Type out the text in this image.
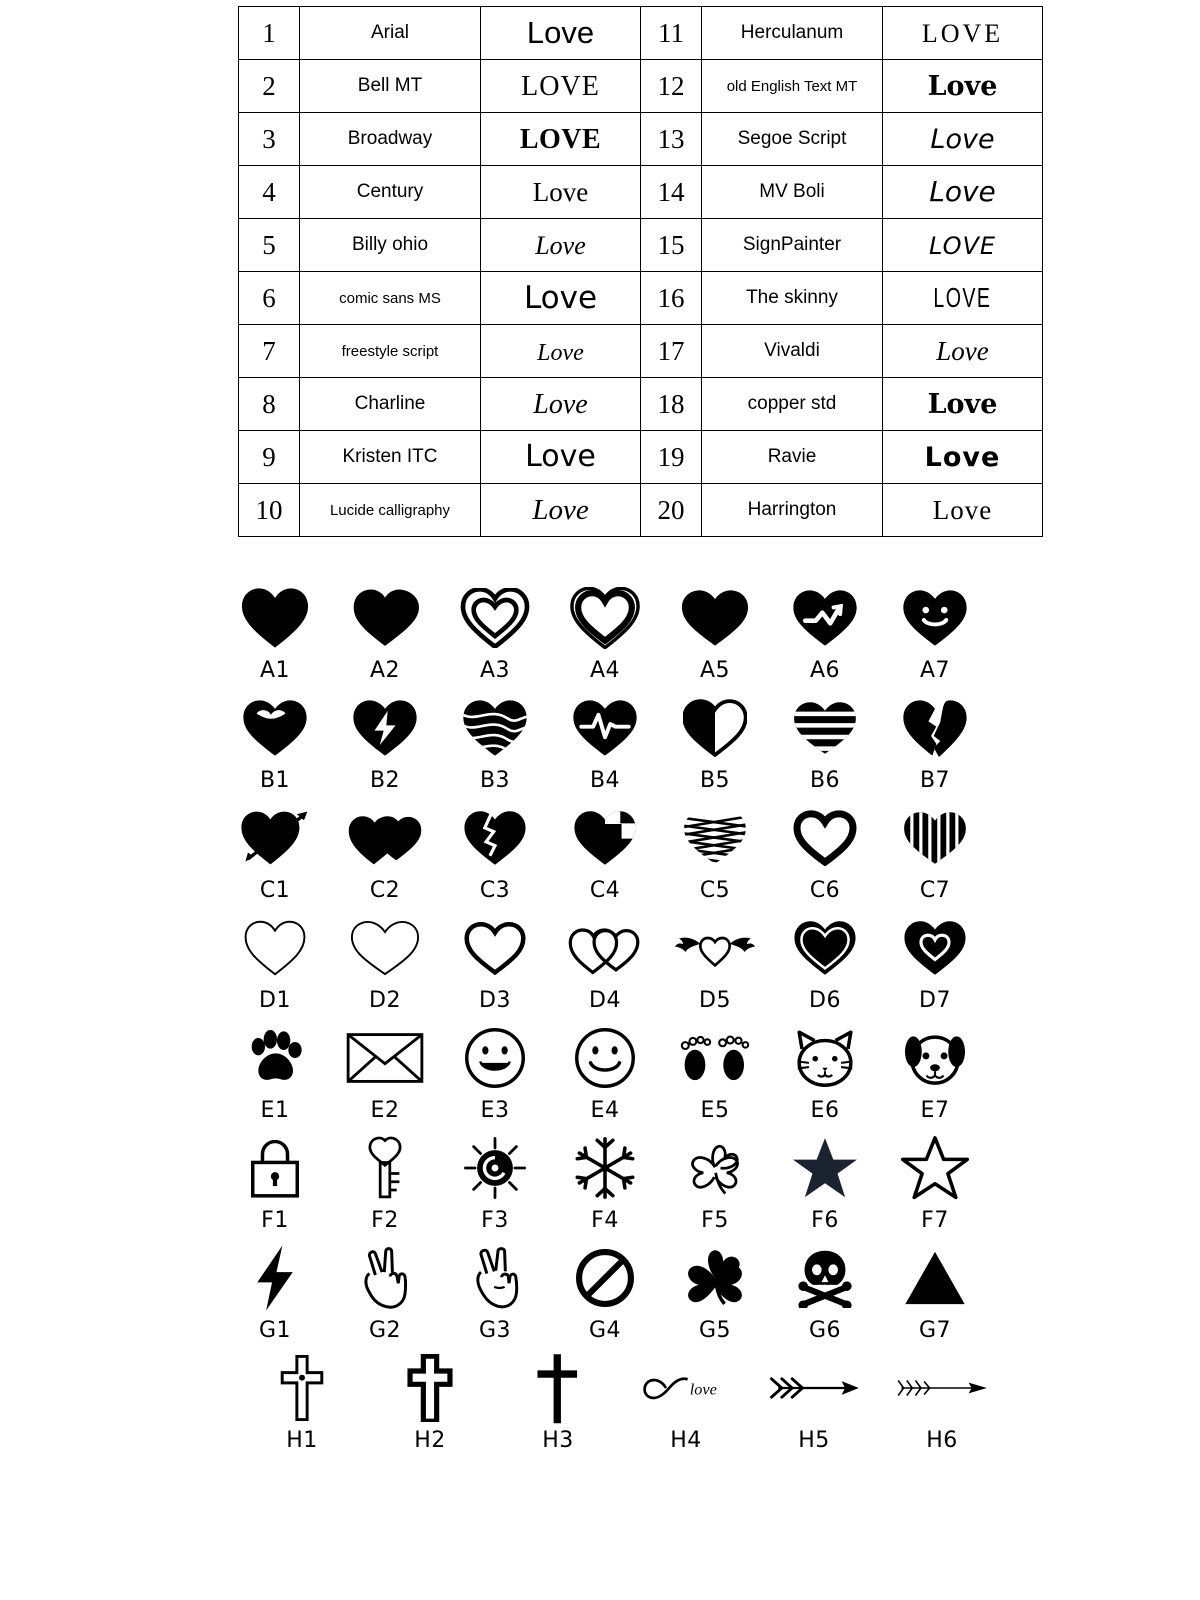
1	Arial	Love	11	Herculanum	LOVE
2	Bell MT	LOVE	12	old English Text MT	Love
3	Broadway	LOVE	13	Segoe Script	Love
4	Century	Love	14	MV Boli	Love
5	Billy ohio	Love	15	SignPainter	LOVE
6	comic sans MS	Love	16	The skinny	LOVE
7	freestyle script	Love	17	Vivaldi	Love
8	Charline	Love	18	copper std	Love
9	Kristen ITC	Love	19	Ravie	Love
10	Lucide calligraphy	Love	20	Harrington	Love
A1	A2	A3	A4	A5	A6	A7
B1	B2	B3	B4	B5	B6	B7
C1	C2	C3	C4	C5	C6	C7
D1	D2	D3	D4	D5	D6	D7
E1	E2	E3	E4	E5	E6	E7
F1	F2	F3	F4	F5	F6	F7
G1	G2	G3	G4	G5	G6	G7
H1	H2	H3
love
H4	H5	H6
